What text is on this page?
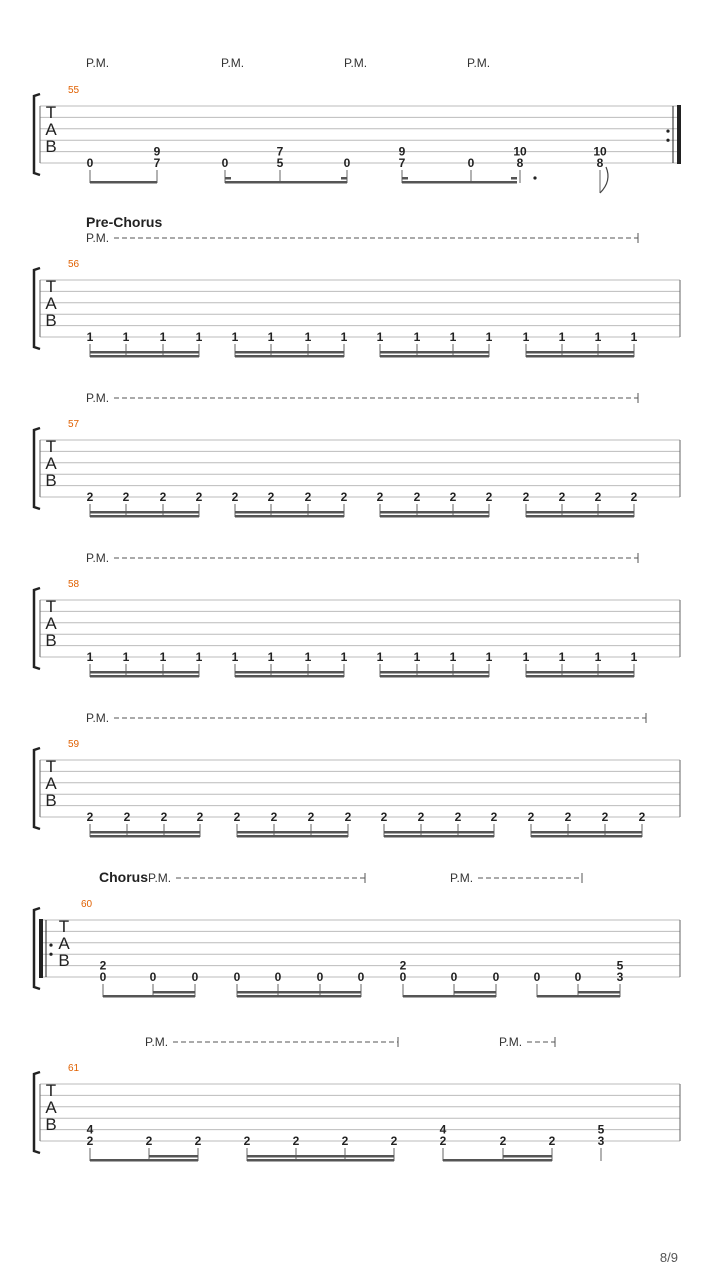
T
A
B
55
P.M.	P.M.	P.M.	P.M.
0
9
7	0
7
5	0
9
7	0
10
8
10
8
T
A
B
56
Pre-Chorus
P.M.
1 1	1 1 1 1	1 1 1	1 1 1	1 1 1 1
T
A
B
57
P.M.
2 2	2 2 2 2	2 2 2	2 2 2	2 2 2 2
T
A
B
58
P.M.
1 1	1 1 1 1	1 1 1	1 1 1	1 1 1 1
T
A
B
59
P.M.
2	2	2 2	2	2	2	2 2	2	2 2	2	2	2	2
T
A
B
60
Chorus P.M.	P.M.
0
2
0	0	0	0	0	0	0
2
0	0	0	0	3
5
T
A
B
61
P.M.	P.M.
2
4
2	2	2	2	2	2	2
4
2	2	3
5
8/9
